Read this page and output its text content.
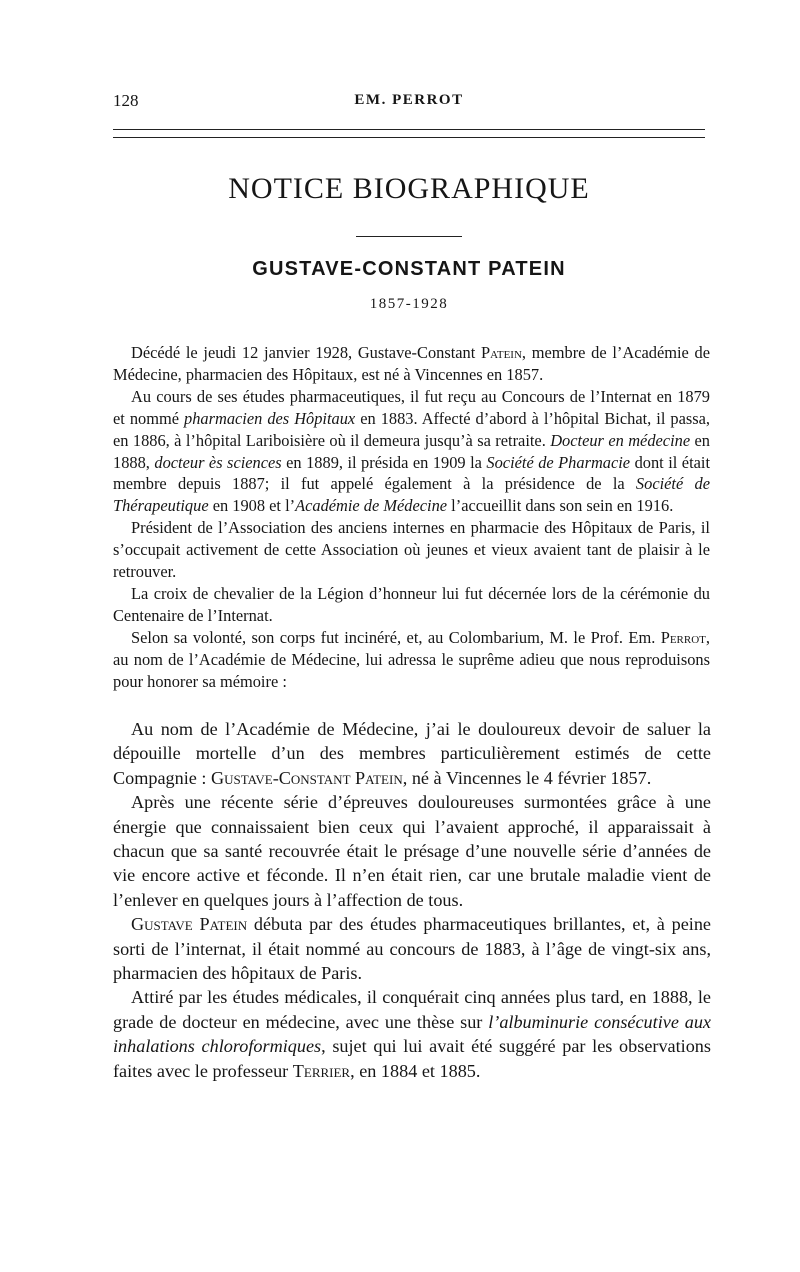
128	EM. PERROT
NOTICE BIOGRAPHIQUE
GUSTAVE-CONSTANT PATEIN
1857-1928

Décédé le jeudi 12 janvier 1928, Gustave-Constant Patein, membre de l’Académie de Médecine, pharmacien des Hôpitaux, est né à Vincennes en 1857.

Au cours de ses études pharmaceutiques, il fut reçu au Concours de l’Internat en 1879 et nommé pharmacien des Hôpitaux en 1883. Affecté d’abord à l’hôpital Bichat, il passa, en 1886, à l’hôpital Lariboisière où il demeura jusqu’à sa retraite. Docteur en médecine en 1888, docteur ès sciences en 1889, il présida en 1909 la Société de Pharmacie dont il était membre depuis 1887; il fut appelé également à la présidence de la Société de Thérapeutique en 1908 et l’Académie de Médecine l’accueillit dans son sein en 1916.

Président de l’Association des anciens internes en pharmacie des Hôpitaux de Paris, il s’occupait activement de cette Association où jeunes et vieux avaient tant de plaisir à le retrouver.

La croix de chevalier de la Légion d’honneur lui fut décernée lors de la cérémonie du Centenaire de l’Internat.

Selon sa volonté, son corps fut incinéré, et, au Colombarium, M. le Prof. Em. Perrot, au nom de l’Académie de Médecine, lui adressa le suprême adieu que nous reproduisons pour honorer sa mémoire :

Au nom de l’Académie de Médecine, j’ai le douloureux devoir de saluer la dépouille mortelle d’un des membres particulièrement estimés de cette Compagnie : Gustave-Constant Patein, né à Vincennes le 4 février 1857.

Après une récente série d’épreuves douloureuses surmontées grâce à une énergie que connaissaient bien ceux qui l’avaient approché, il apparaissait à chacun que sa santé recouvrée était le présage d’une nouvelle série d’années de vie encore active et féconde. Il n’en était rien, car une brutale maladie vient de l’enlever en quelques jours à l’affection de tous.

Gustave Patein débuta par des études pharmaceutiques brillantes, et, à peine sorti de l’internat, il était nommé au concours de 1883, à l’âge de vingt-six ans, pharmacien des hôpitaux de Paris.

Attiré par les études médicales, il conquérait cinq années plus tard, en 1888, le grade de docteur en médecine, avec une thèse sur l’albuminurie consécutive aux inhalations chloroformiques, sujet qui lui avait été suggéré par les observations faites avec le professeur Terrier, en 1884 et 1885.
